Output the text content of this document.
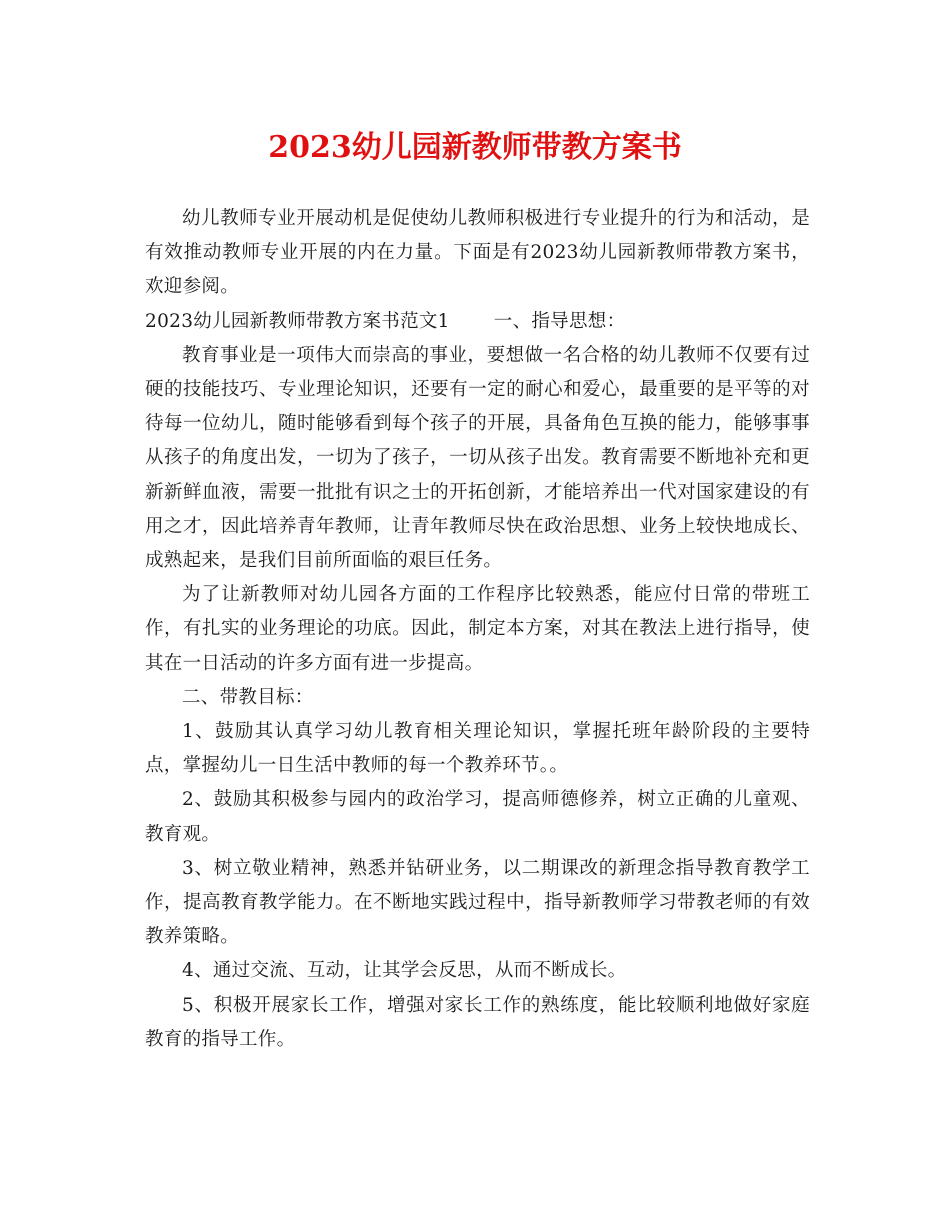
2023幼儿园新教师带教方案书

幼儿教师专业开展动机是促使幼儿教师积极进行专业提升的行为和活动，是有效推动教师专业开展的内在力量。下面是有2023幼儿园新教师带教方案书，欢迎参阅。

2023幼儿园新教师带教方案书范文1 一、指导思想：

教育事业是一项伟大而崇高的事业，要想做一名合格的幼儿教师不仅要有过硬的技能技巧、专业理论知识，还要有一定的耐心和爱心，最重要的是平等的对待每一位幼儿，随时能够看到每个孩子的开展，具备角色互换的能力，能够事事从孩子的角度出发，一切为了孩子，一切从孩子出发。教育需要不断地补充和更新新鲜血液，需要一批批有识之士的开拓创新，才能培养出一代对国家建设的有用之才，因此培养青年教师，让青年教师尽快在政治思想、业务上较快地成长、成熟起来，是我们目前所面临的艰巨任务。

为了让新教师对幼儿园各方面的工作程序比较熟悉，能应付日常的带班工作，有扎实的业务理论的功底。因此，制定本方案，对其在教法上进行指导，使其在一日活动的许多方面有进一步提高。

二、带教目标：

1、鼓励其认真学习幼儿教育相关理论知识，掌握托班年龄阶段的主要特点，掌握幼儿一日生活中教师的每一个教养环节。。

2、鼓励其积极参与园内的政治学习，提高师德修养，树立正确的儿童观、教育观。

3、树立敬业精神，熟悉并钻研业务，以二期课改的新理念指导教育教学工作，提高教育教学能力。在不断地实践过程中，指导新教师学习带教老师的有效教养策略。

4、通过交流、互动，让其学会反思，从而不断成长。

5、积极开展家长工作，增强对家长工作的熟练度，能比较顺利地做好家庭教育的指导工作。
